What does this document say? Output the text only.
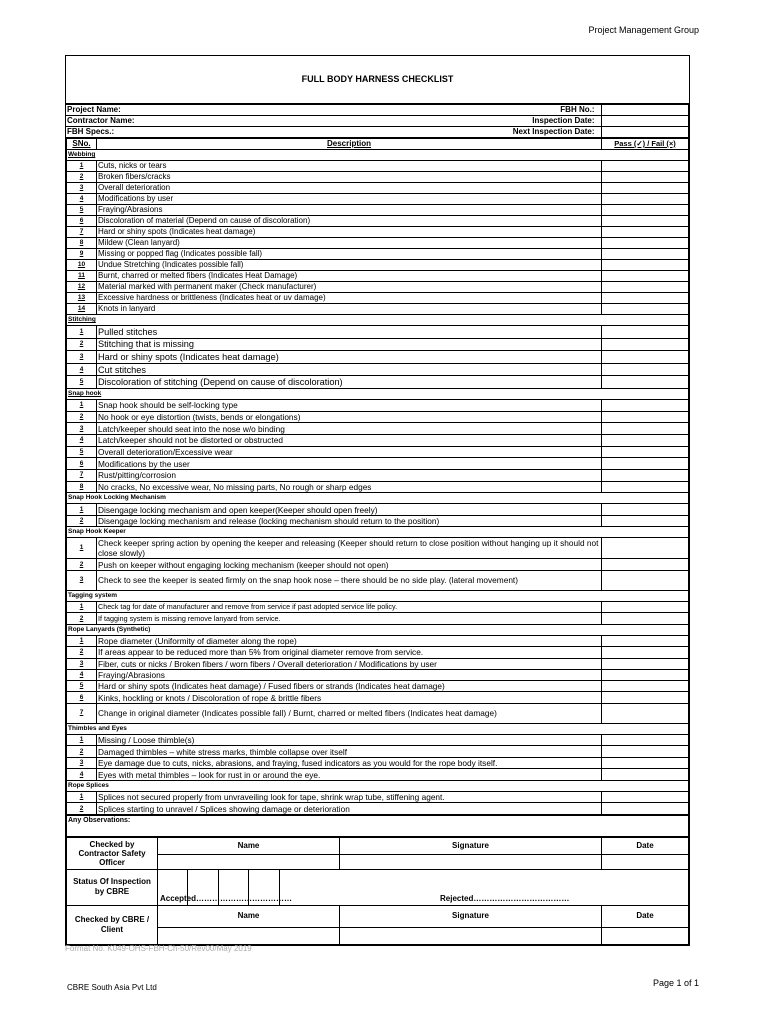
Project Management Group
FULL BODY HARNESS CHECKLIST
Project Name: FBH No.:	

Contractor Name: Inspection Date:	

FBH Specs.: Next Inspection Date:	

SNo.	Description	Pass (✓) / Fail (×)
Webbing		
1	Cuts, nicks or tears	
2	Broken fibers/cracks	
3	Overall deterioration	
4	Modifications by user	
5	Fraying/Abrasions	
6	Discoloration of material (Depend on cause of discoloration)	
7	Hard or shiny spots (Indicates heat damage)	
8	Mildew (Clean lanyard)	
9	Missing or popped flag (Indicates possible fall)	
10	Undue Stretching (Indicates possible fall)	
11	Burnt, charred or melted fibers (Indicates Heat Damage)	
12	Material marked with permanent maker (Check manufacturer)	
13	Excessive hardness or brittleness (Indicates heat or uv damage)	
14	Knots in lanyard	
Stitching		
1	Pulled stitches	
2	Stitching that is missing	
3	Hard or shiny spots (Indicates heat damage)	
4	Cut stitches	
5	Discoloration of stitching (Depend on cause of discoloration)	
Snap hook		
1	Snap hook should be self-locking type	
2	No hook or eye distortion (twists, bends or elongations)	
3	Latch/keeper should seat into the nose w/o binding	
4	Latch/keeper should not be distorted or obstructed	
5	Overall deterioration/Excessive wear	
6	Modifications by the user	
7	Rust/pitting/corrosion	
8	No cracks, No excessive wear, No missing parts, No rough or sharp edges	
Snap Hook Locking Mechanism		
1	Disengage locking mechanism and open keeper(Keeper should open freely)	
2	Disengage locking mechanism and release (locking mechanism should return to the position)	
Snap Hook Keeper		
1	Check keeper spring action by opening the keeper and releasing (Keeper should return to close position without hanging up it should not close slowly)	
2	Push on keeper without engaging locking mechanism (keeper should not open)	
3	Check to see the keeper is seated firmly on the snap hook nose – there should be no side play. (lateral movement)	
Tagging system		
1	Check tag for date of manufacturer and remove from service if past adopted service life policy.	
2	If tagging system is missing remove lanyard from service.	
Rope Lanyards (Synthetic)		
1	Rope diameter (Uniformity of diameter along the rope)	
2	If areas appear to be reduced more than 5% from original diameter remove from service.	
3	Fiber, cuts or nicks / Broken fibers / worn fibers / Overall deterioration / Modifications by user	
4	Fraying/Abrasions	
5	Hard or shiny spots (Indicates heat damage) / Fused fibers or strands (Indicates heat damage)	
6	Kinks, hockling or knots / Discoloration of rope & brittle fibers	
7	Change in original diameter (Indicates possible fall) / Burnt, charred or melted fibers (Indicates heat damage)	
Thimbles and Eyes		
1	Missing / Loose thimble(s)	
2	Damaged thimbles – white stress marks, thimble collapse over itself	
3	Eye damage due to cuts, nicks, abrasions, and fraying, fused indicators as you would for the rope body itself.	
4	Eyes with metal thimbles – look for rust in or around the eye.	
Rope Splices		
1	Splices not secured properly from unvraveiling look for tape, shrink wrap tube, stiffening agent.	
2	Splices starting to unravel / Splices showing damage or deterioration	
Any Observations:
Checked by Contractor Safety Officer	Name	Signature	Date

Status Of Inspection by CBRE	Accepted……………………………… Rejected………………………………		

Checked by CBRE / Client	Name	Signature	Date

Format No. K049-OHS-FBH-Ch-50/Rev00/May 2019
CBRE South Asia Pvt Ltd	Page 1 of 1
